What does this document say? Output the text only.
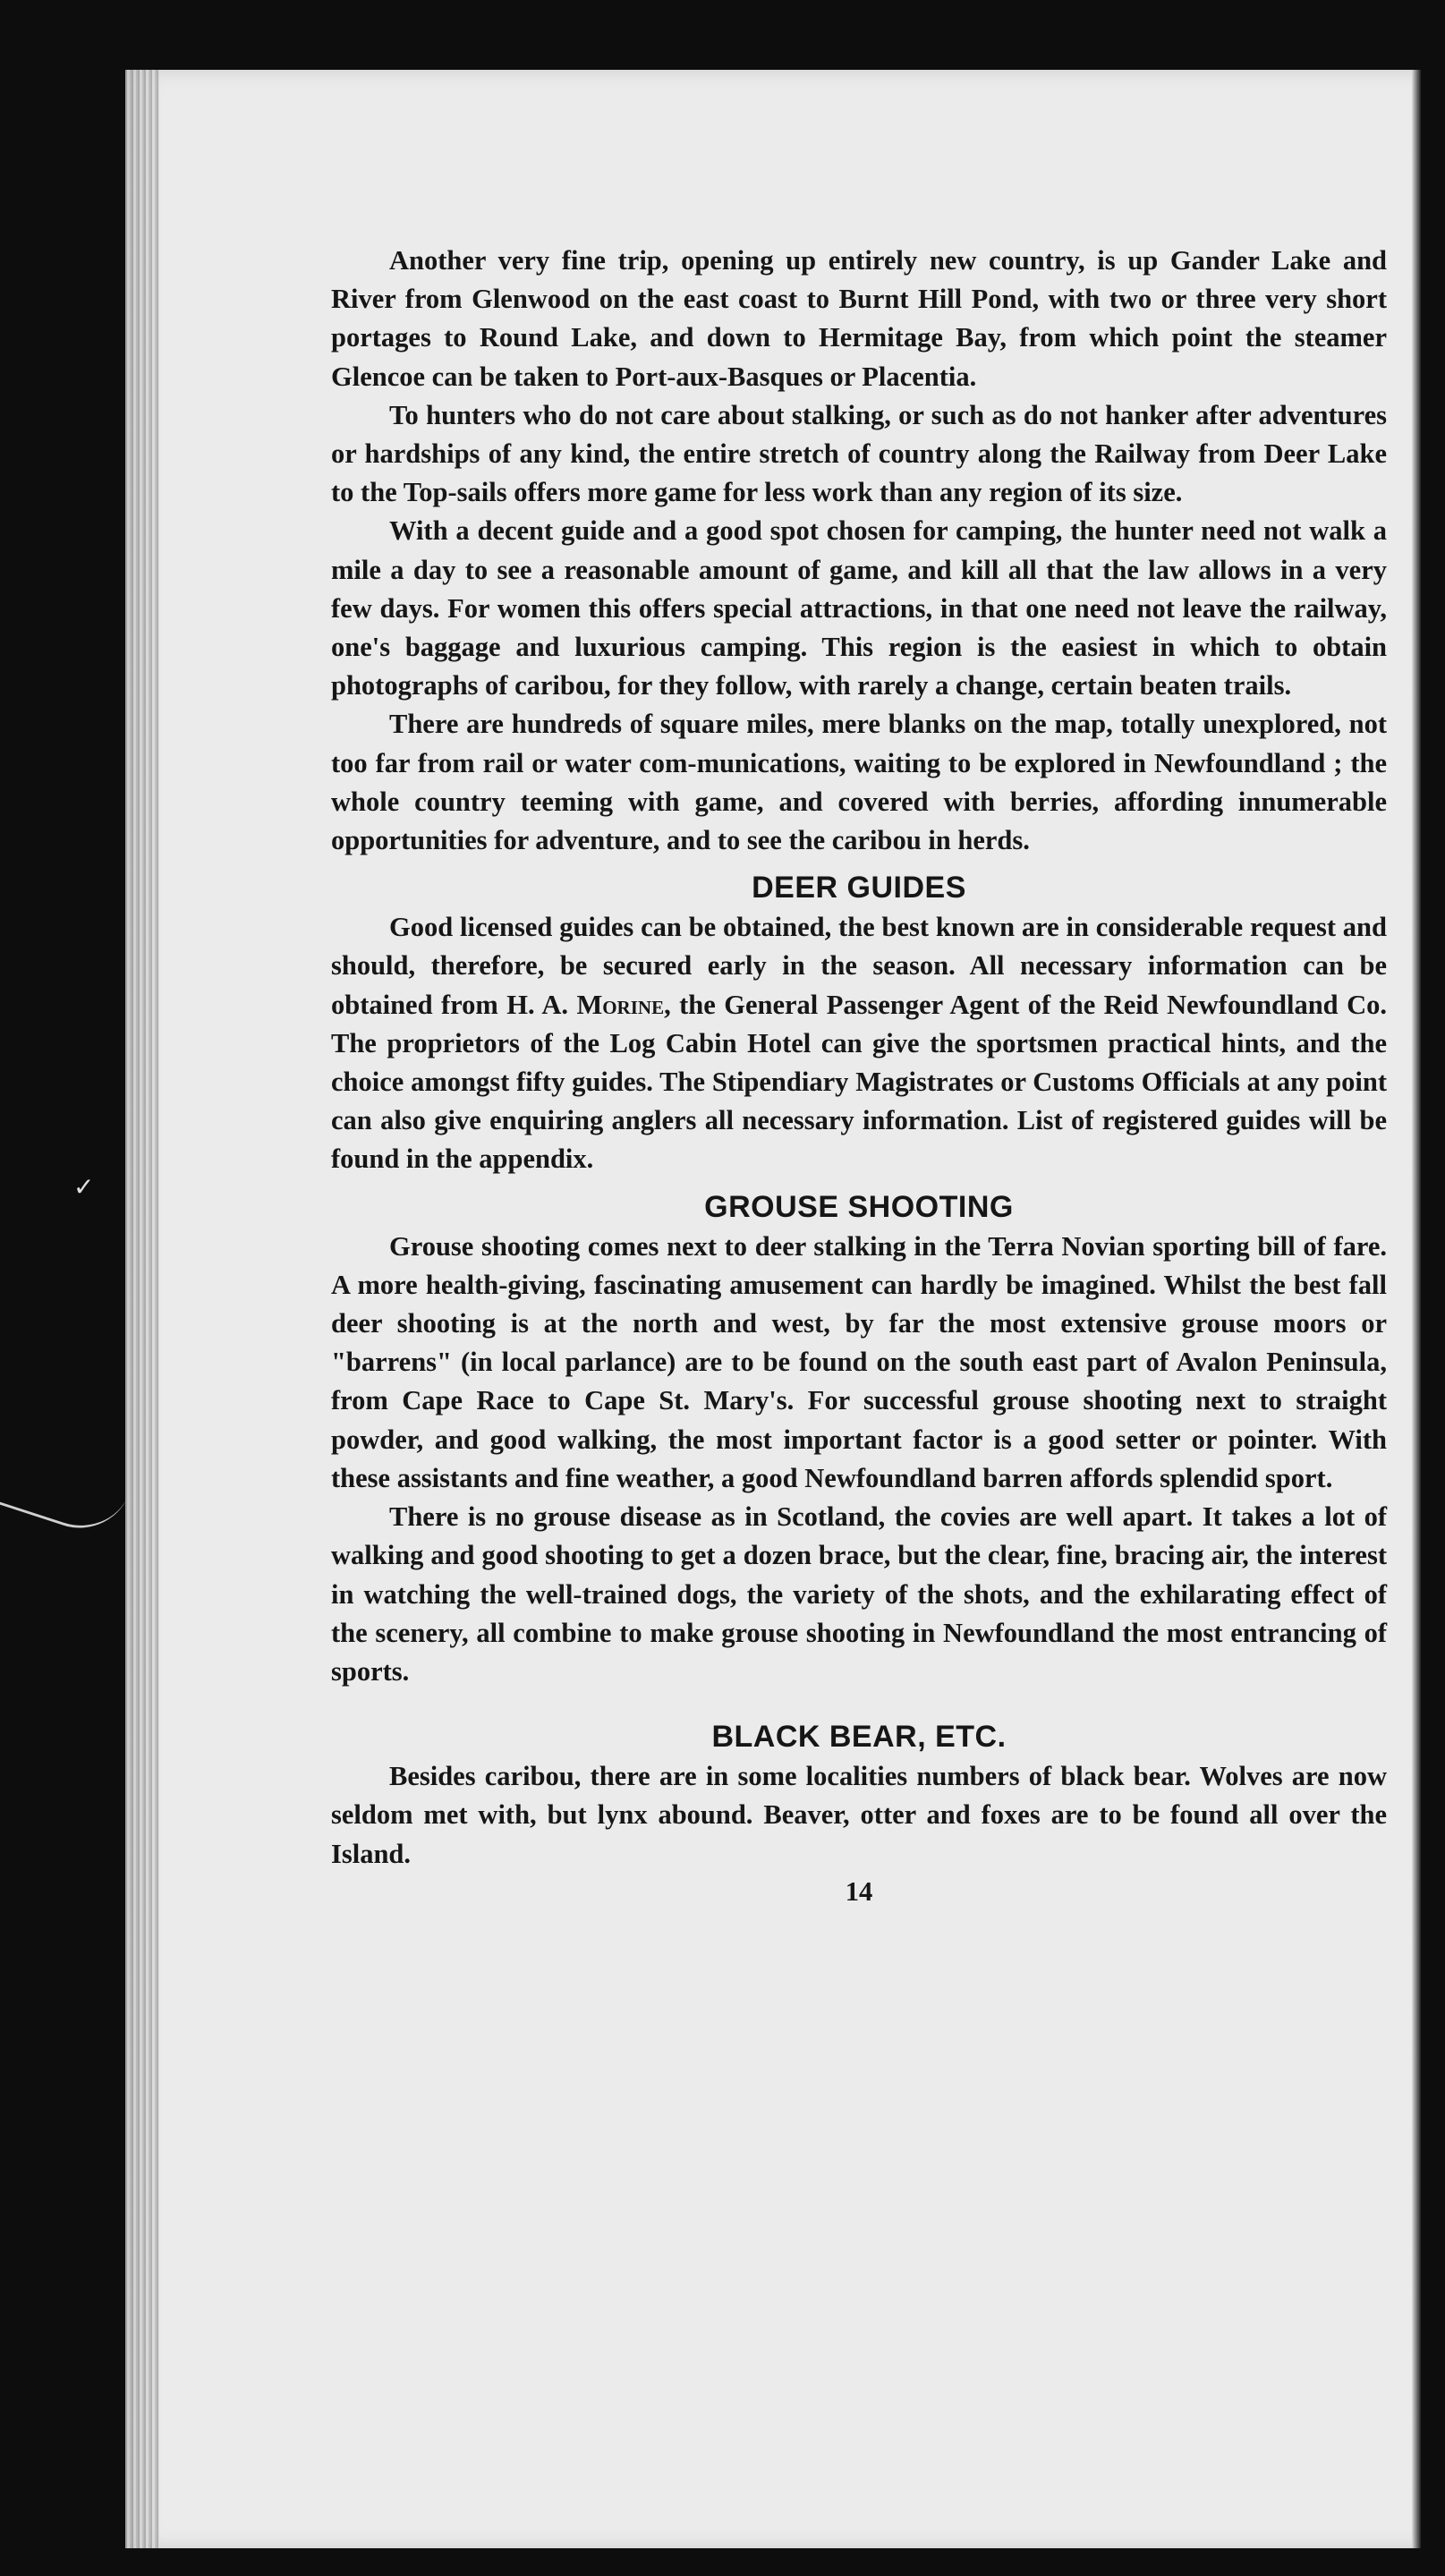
✓

Another very fine trip, opening up entirely new country, is up Gander Lake and River from Glenwood on the east coast to Burnt Hill Pond, with two or three very short portages to Round Lake, and down to Hermitage Bay, from which point the steamer Glencoe can be taken to Port-aux-Basques or Placentia.

To hunters who do not care about stalking, or such as do not hanker after adventures or hardships of any kind, the entire stretch of country along the Railway from Deer Lake to the Top-sails offers more game for less work than any region of its size.

With a decent guide and a good spot chosen for camping, the hunter need not walk a mile a day to see a reasonable amount of game, and kill all that the law allows in a very few days. For women this offers special attractions, in that one need not leave the railway, one's baggage and luxurious camping. This region is the easiest in which to obtain photographs of caribou, for they follow, with rarely a change, certain beaten trails.

There are hundreds of square miles, mere blanks on the map, totally unexplored, not too far from rail or water com-munications, waiting to be explored in Newfoundland ; the whole country teeming with game, and covered with berries, affording innumerable opportunities for adventure, and to see the caribou in herds.

DEER GUIDES

Good licensed guides can be obtained, the best known are in considerable request and should, therefore, be secured early in the season. All necessary information can be obtained from H. A. Morine, the General Passenger Agent of the Reid Newfoundland Co. The proprietors of the Log Cabin Hotel can give the sportsmen practical hints, and the choice amongst fifty guides. The Stipendiary Magistrates or Customs Officials at any point can also give enquiring anglers all necessary information. List of registered guides will be found in the appendix.

GROUSE SHOOTING

Grouse shooting comes next to deer stalking in the Terra Novian sporting bill of fare. A more health-giving, fascinating amusement can hardly be imagined. Whilst the best fall deer shooting is at the north and west, by far the most extensive grouse moors or "barrens" (in local parlance) are to be found on the south east part of Avalon Peninsula, from Cape Race to Cape St. Mary's. For successful grouse shooting next to straight powder, and good walking, the most important factor is a good setter or pointer. With these assistants and fine weather, a good Newfoundland barren affords splendid sport.

There is no grouse disease as in Scotland, the covies are well apart. It takes a lot of walking and good shooting to get a dozen brace, but the clear, fine, bracing air, the interest in watching the well-trained dogs, the variety of the shots, and the exhilarating effect of the scenery, all combine to make grouse shooting in Newfoundland the most entrancing of sports.

BLACK BEAR, ETC.

Besides caribou, there are in some localities numbers of black bear. Wolves are now seldom met with, but lynx abound. Beaver, otter and foxes are to be found all over the Island.

14
